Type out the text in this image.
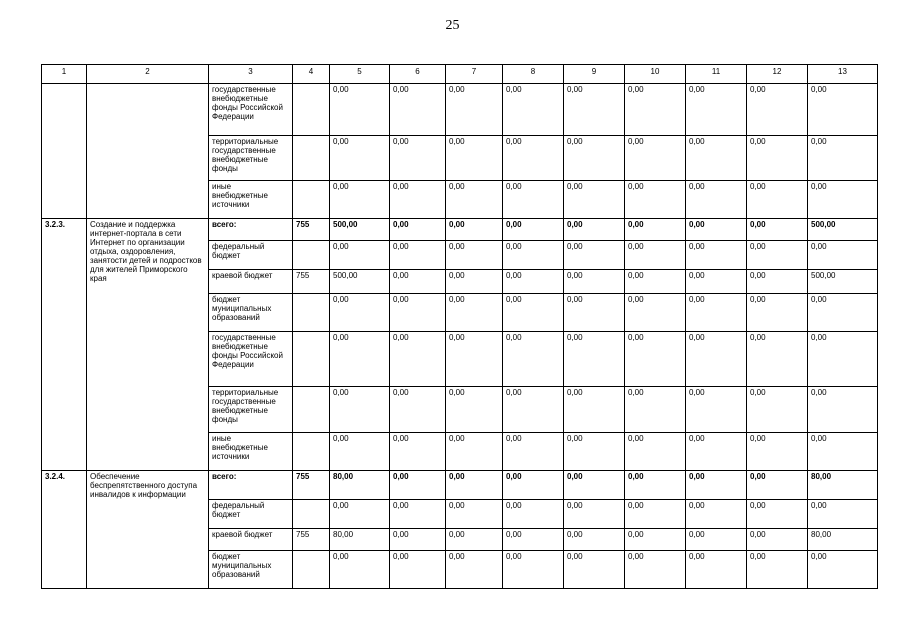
25
1	2	3	4	5	6	7	8	9	10	11	12	13
		государственные внебюджетные фонды Российской Федерации		0,00	0,00	0,00	0,00	0,00	0,00	0,00	0,00	0,00
		территориальные государственные внебюджетные фонды		0,00	0,00	0,00	0,00	0,00	0,00	0,00	0,00	0,00
		иные внебюджетные источники		0,00	0,00	0,00	0,00	0,00	0,00	0,00	0,00	0,00
3.2.3.	Создание и поддержка интернет-портала в сети Интернет по организации отдыха, оздоровления, занятости детей и подростков для жителей Приморского края	всего:	755	500,00	0,00	0,00	0,00	0,00	0,00	0,00	0,00	500,00
		федеральный бюджет		0,00	0,00	0,00	0,00	0,00	0,00	0,00	0,00	0,00
		краевой бюджет	755	500,00	0,00	0,00	0,00	0,00	0,00	0,00	0,00	500,00
		бюджет муниципальных образований		0,00	0,00	0,00	0,00	0,00	0,00	0,00	0,00	0,00
		государственные внебюджетные фонды Российской Федерации		0,00	0,00	0,00	0,00	0,00	0,00	0,00	0,00	0,00
		территориальные государственные внебюджетные фонды		0,00	0,00	0,00	0,00	0,00	0,00	0,00	0,00	0,00
		иные внебюджетные источники		0,00	0,00	0,00	0,00	0,00	0,00	0,00	0,00	0,00
3.2.4.	Обеспечение беспрепятственного доступа инвалидов к информации	всего:	755	80,00	0,00	0,00	0,00	0,00	0,00	0,00	0,00	80,00
		федеральный бюджет		0,00	0,00	0,00	0,00	0,00	0,00	0,00	0,00	0,00
		краевой бюджет	755	80,00	0,00	0,00	0,00	0,00	0,00	0,00	0,00	80,00
		бюджет муниципальных образований		0,00	0,00	0,00	0,00	0,00	0,00	0,00	0,00	0,00
